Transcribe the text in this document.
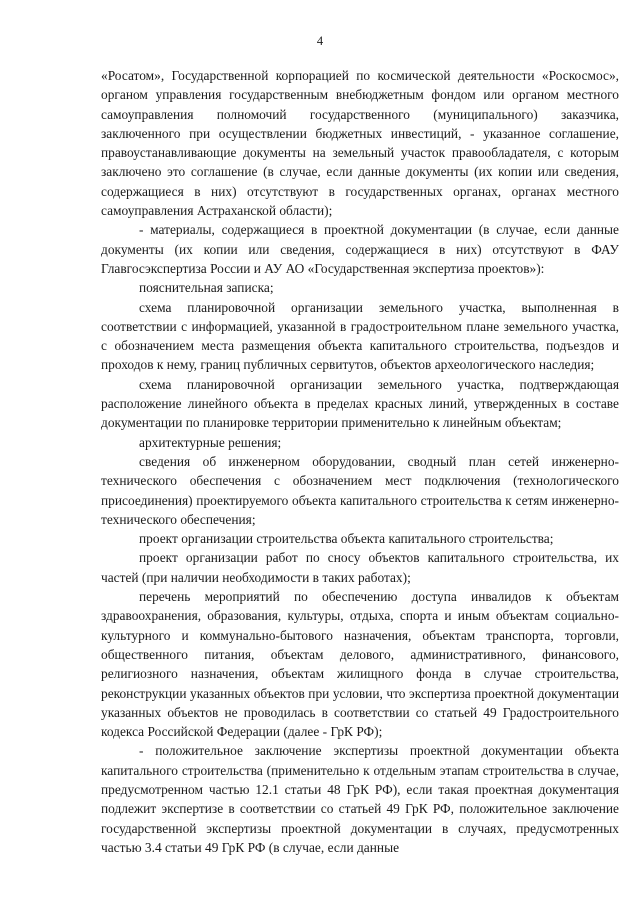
4

«Росатом», Государственной корпорацией по космической деятельности «Роскосмос», органом управления государственным внебюджетным фондом или органом местного самоуправления полномочий государственного (муниципального) заказчика, заключенного при осуществлении бюджетных инвестиций, - указанное соглашение, правоустанавливающие документы на земельный участок правообладателя, с которым заключено это соглашение (в случае, если данные документы (их копии или сведения, содержащиеся в них) отсутствуют в государственных органах, органах местного самоуправления Астраханской области);

- материалы, содержащиеся в проектной документации (в случае, если данные документы (их копии или сведения, содержащиеся в них) отсутствуют в ФАУ Главгосэкспертиза России и АУ АО «Государственная экспертиза проектов»):

пояснительная записка;

схема планировочной организации земельного участка, выполненная в соответствии с информацией, указанной в градостроительном плане земельного участка, с обозначением места размещения объекта капитального строительства, подъездов и проходов к нему, границ публичных сервитутов, объектов археологического наследия;

схема планировочной организации земельного участка, подтверждающая расположение линейного объекта в пределах красных линий, утвержденных в составе документации по планировке территории применительно к линейным объектам;

архитектурные решения;

сведения об инженерном оборудовании, сводный план сетей инженерно-технического обеспечения с обозначением мест подключения (технологического присоединения) проектируемого объекта капитального строительства к сетям инженерно-технического обеспечения;

проект организации строительства объекта капитального строительства;

проект организации работ по сносу объектов капитального строительства, их частей (при наличии необходимости в таких работах);

перечень мероприятий по обеспечению доступа инвалидов к объектам здравоохранения, образования, культуры, отдыха, спорта и иным объектам социально-культурного и коммунально-бытового назначения, объектам транспорта, торговли, общественного питания, объектам делового, административного, финансового, религиозного назначения, объектам жилищного фонда в случае строительства, реконструкции указанных объектов при условии, что экспертиза проектной документации указанных объектов не проводилась в соответствии со статьей 49 Градостроительного кодекса Российской Федерации (далее - ГрК РФ);

- положительное заключение экспертизы проектной документации объекта капитального строительства (применительно к отдельным этапам строительства в случае, предусмотренном частью 12.1 статьи 48 ГрК РФ), если такая проектная документация подлежит экспертизе в соответствии со статьей 49 ГрК РФ, положительное заключение государственной экспертизы проектной документации в случаях, предусмотренных частью 3.4 статьи 49 ГрК РФ (в случае, если данные
